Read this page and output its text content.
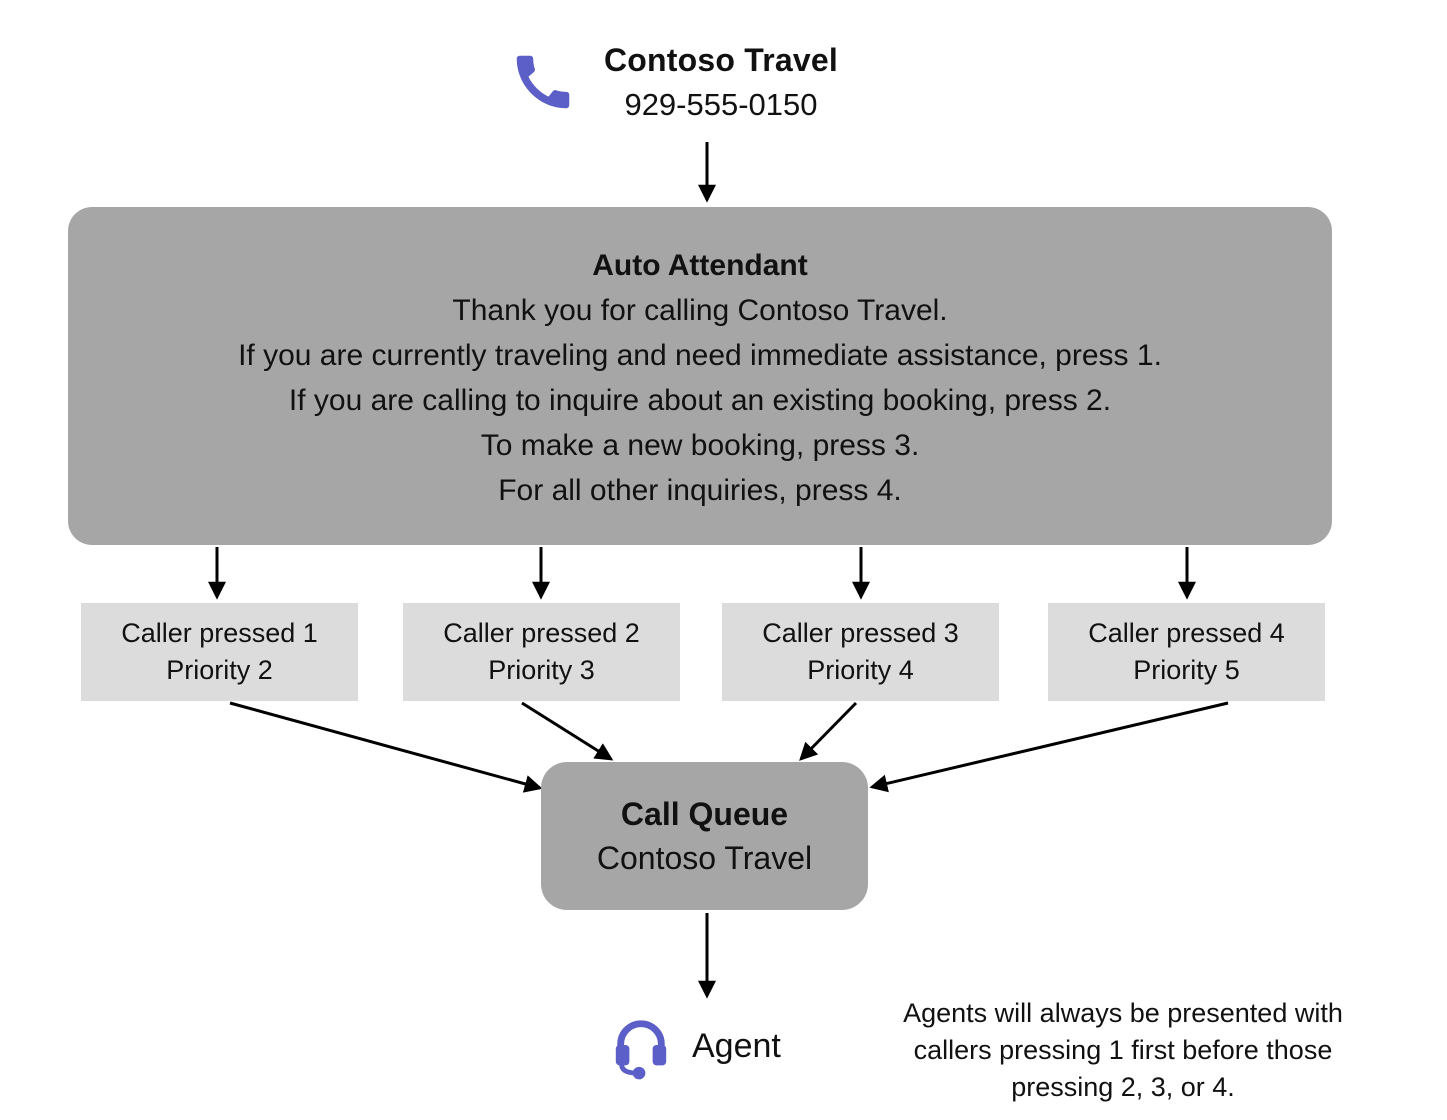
Contoso Travel
929-555-0150
Auto Attendant
Thank you for calling Contoso Travel.
If you are currently traveling and need immediate assistance, press 1.
If you are calling to inquire about an existing booking, press 2.
To make a new booking, press 3.
For all other inquiries, press 4.
Caller pressed 1
Priority 2
Caller pressed 2
Priority 3
Caller pressed 3
Priority 4
Caller pressed 4
Priority 5
Call Queue
Contoso Travel
Agent
Agents will always be presented with
callers pressing 1 first before those
pressing 2, 3, or 4.
